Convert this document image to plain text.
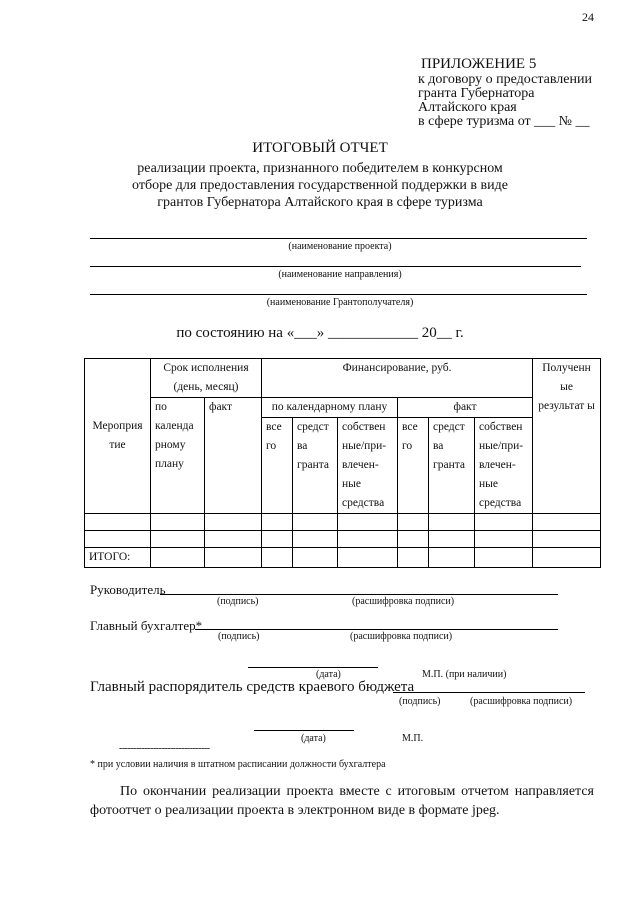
24
ПРИЛОЖЕНИЕ 5
к договору о предоставлении
гранта Губернатора
Алтайского края
в сфере туризма от ___ № __
ИТОГОВЫЙ ОТЧЕТ
реализации проекта, признанного победителем в конкурсном
отборе для предоставления государственной поддержки в виде
грантов Губернатора Алтайского края в сфере туризма
(наименование проекта)
(наименование направления)
(наименование Грантополучателя)
по состоянию на «___» ____________ 20__ г.
Мероприя тие	Срок исполнения (день, месяц)		Финансирование, руб.						Полученн ые результат ы
	по календа рному плану	факт	по календарному плану			факт			
			все го	средст ва гранта	собствен ные/при-влечен-ные средства	все го	средст ва гранта	собствен ные/при-влечен-ные средства	

ИТОГО:									
Руководитель
(подпись)	(расшифровка подписи)
Главный бухгалтер*
(подпись)	(расшифровка подписи)
(дата)	М.П. (при наличии)
Главный распорядитель средств краевого бюджета
(подпись)	(расшифровка подписи)
(дата)	М.П.
--------------------------------
* при условии наличия в штатном расписании должности бухгалтера
По окончании реализации проекта вместе с итоговым отчетом направляется фотоотчет о реализации проекта в электронном виде в формате jpeg.
